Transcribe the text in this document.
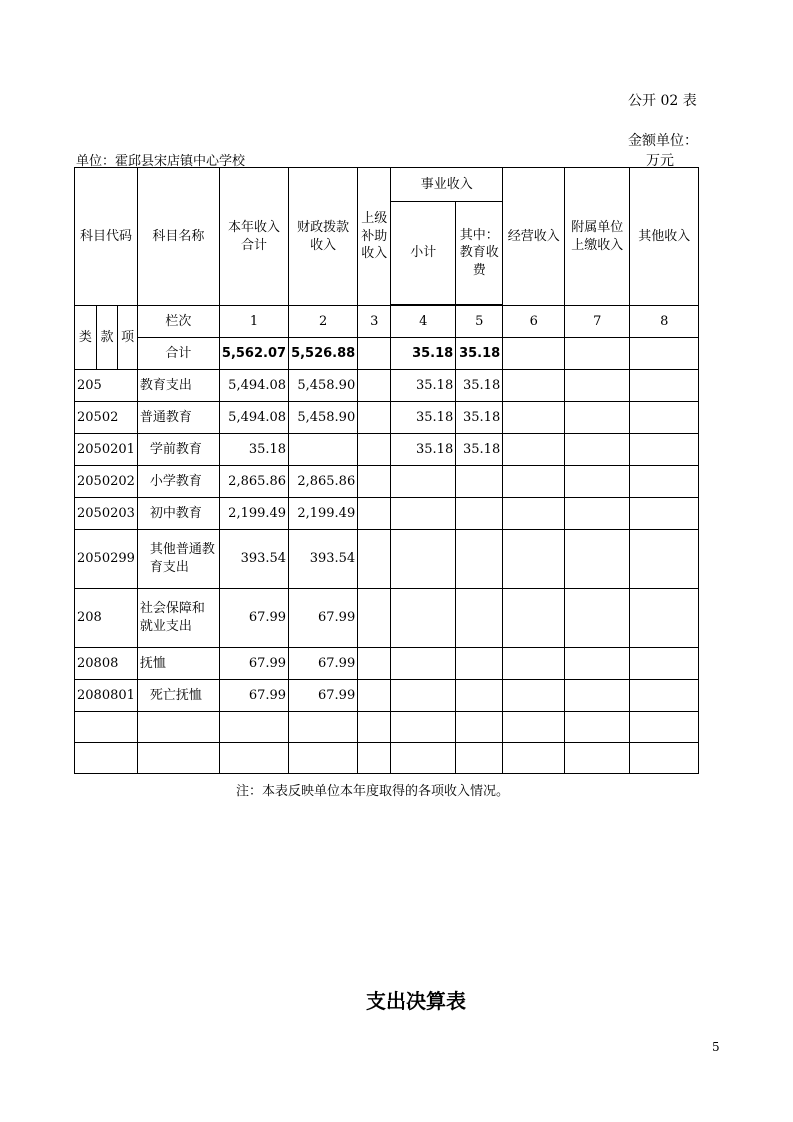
公开 02 表
金额单位：
万元
单位：霍邱县宋店镇中心学校
科目代码			科目名称	本年收入合计	财政拨款收入	上级补助收入	事业收入		经营收入	附属单位上缴收入	其他收入
							小计	其中：教育收费			

类	款	项	栏次	1	2	3	4	5	6	7	8
			合计	5,562.07	5,526.88		35.18	35.18			
205			教育支出	5,494.08	5,458.90		35.18	35.18			
20502			普通教育	5,494.08	5,458.90		35.18	35.18			
2050201			学前教育	35.18			35.18	35.18			
2050202			小学教育	2,865.86	2,865.86						
2050203			初中教育	2,199.49	2,199.49						
2050299			其他普通教育支出	393.54	393.54						
208			社会保障和就业支出	67.99	67.99						
20808			抚恤	67.99	67.99						
2080801			死亡抚恤	67.99	67.99						

注：本表反映单位本年度取得的各项收入情况。
支出决算表
5
